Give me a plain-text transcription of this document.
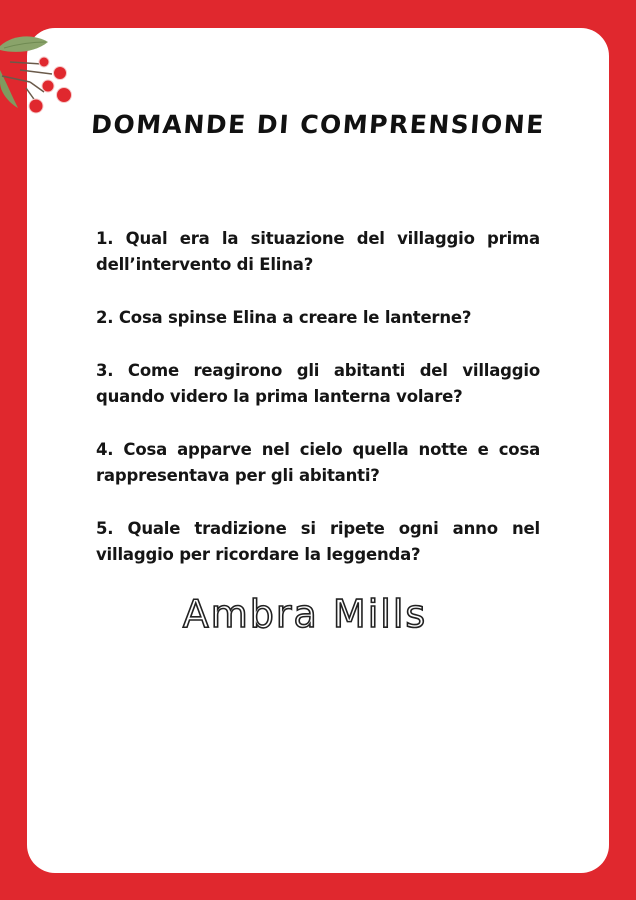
DOMANDE DI COMPRENSIONE
1. Qual era la situazione del villaggio prima dell’intervento di Elina?
2. Cosa spinse Elina a creare le lanterne?
3. Come reagirono gli abitanti del villaggio quando videro la prima lanterna volare?
4. Cosa apparve nel cielo quella notte e cosa rappresentava per gli abitanti?
5. Quale tradizione si ripete ogni anno nel villaggio per ricordare la leggenda?
Ambra Mills
